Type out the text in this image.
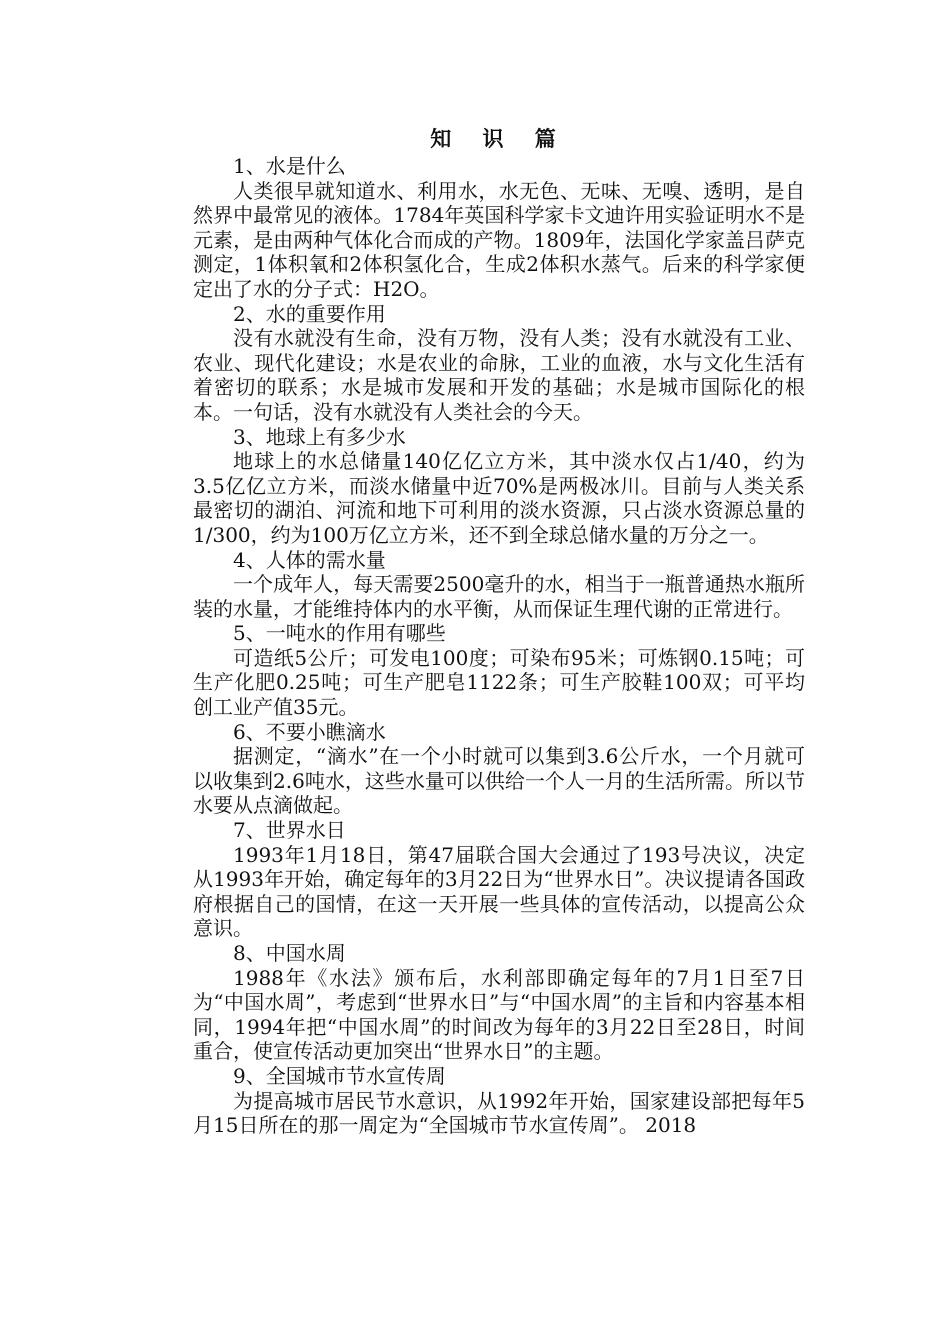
知 识 篇

1、水是什么

人类很早就知道水、利用水，水无色、无味、无嗅、透明，是自然界中最常见的液体。1784年英国科学家卡文迪许用实验证明水不是元素，是由两种气体化合而成的产物。1809年，法国化学家盖吕萨克测定，1体积氧和2体积氢化合，生成2体积水蒸气。后来的科学家便定出了水的分子式：H2O。

2、水的重要作用

没有水就没有生命，没有万物，没有人类；没有水就没有工业、农业、现代化建设；水是农业的命脉，工业的血液，水与文化生活有着密切的联系；水是城市发展和开发的基础；水是城市国际化的根本。一句话，没有水就没有人类社会的今天。

3、地球上有多少水

地球上的水总储量140亿亿立方米，其中淡水仅占1/40，约为3.5亿亿立方米，而淡水储量中近70%是两极冰川。目前与人类关系最密切的湖泊、河流和地下可利用的淡水资源，只占淡水资源总量的1/300，约为100万亿立方米，还不到全球总储水量的万分之一。

4、人体的需水量

一个成年人，每天需要2500毫升的水，相当于一瓶普通热水瓶所装的水量，才能维持体内的水平衡，从而保证生理代谢的正常进行。

5、一吨水的作用有哪些

可造纸5公斤；可发电100度；可染布95米；可炼钢0.15吨；可生产化肥0.25吨；可生产肥皂1122条；可生产胶鞋100双；可平均创工业产值35元。

6、不要小瞧滴水

据测定，“滴水”在一个小时就可以集到3.6公斤水，一个月就可以收集到2.6吨水，这些水量可以供给一个人一月的生活所需。所以节水要从点滴做起。

7、世界水日

1993年1月18日，第47届联合国大会通过了193号决议，决定从1993年开始，确定每年的3月22日为“世界水日”。决议提请各国政府根据自己的国情，在这一天开展一些具体的宣传活动，以提高公众意识。

8、中国水周

1988年《水法》颁布后，水利部即确定每年的7月1日至7日为“中国水周”，考虑到“世界水日”与“中国水周”的主旨和内容基本相同，1994年把“中国水周”的时间改为每年的3月22日至28日，时间重合，使宣传活动更加突出“世界水日”的主题。

9、全国城市节水宣传周

为提高城市居民节水意识，从1992年开始，国家建设部把每年5月15日所在的那一周定为“全国城市节水宣传周”。 2018
